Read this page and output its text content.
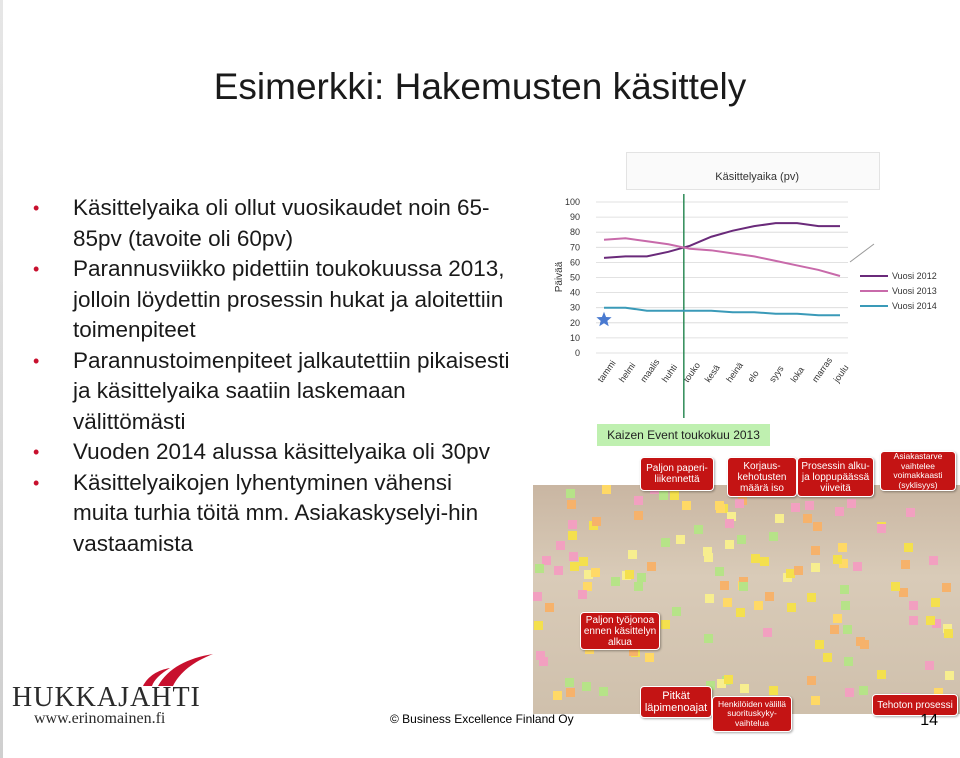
Esimerkki: Hakemusten käsittely
• Käsittelyaika oli ollut vuosikaudet noin 65-85pv (tavoite oli 60pv)
• Parannusviikko pidettiin toukokuussa 2013, jolloin löydettin prosessin hukat ja aloitettiin toimenpiteet
• Parannustoimenpiteet jalkautettiin pikaisesti ja käsittelyaika saatiin laskemaan välittömästi
• Vuoden 2014 alussa käsittelyaika oli 30pv
• Käsittelyaikojen lyhentyminen vähensi muita turhia töitä mm. Asiakaskyselyi-hin vastaamista
Käsittelyaika (pv)
0
10
20
30
40
50
60
70
80
90
100
Päivää
tammi helmi maalis
huhti touko kesä heinä elo syys loka marras
joulu
Vuosi 2012
Vuosi 2013
Vuosi 2014
Kaizen Event toukokuu 2013
Paljon paperi-liikennettä
Korjaus-kehotusten määrä iso
Prosessin alku-ja loppupäässä viiveitä
Asiakastarve vaihtelee voimakkaasti (syklisyys)
Paljon työjonoa ennen käsittelyn alkua
Pitkät läpimenoajat	Henkilöiden välillä suorituskyky-vaihtelua
Tehoton prosessi
HUKKAJAHTI
www.erinomainen.fi	© Business Excellence Finland Oy	14
